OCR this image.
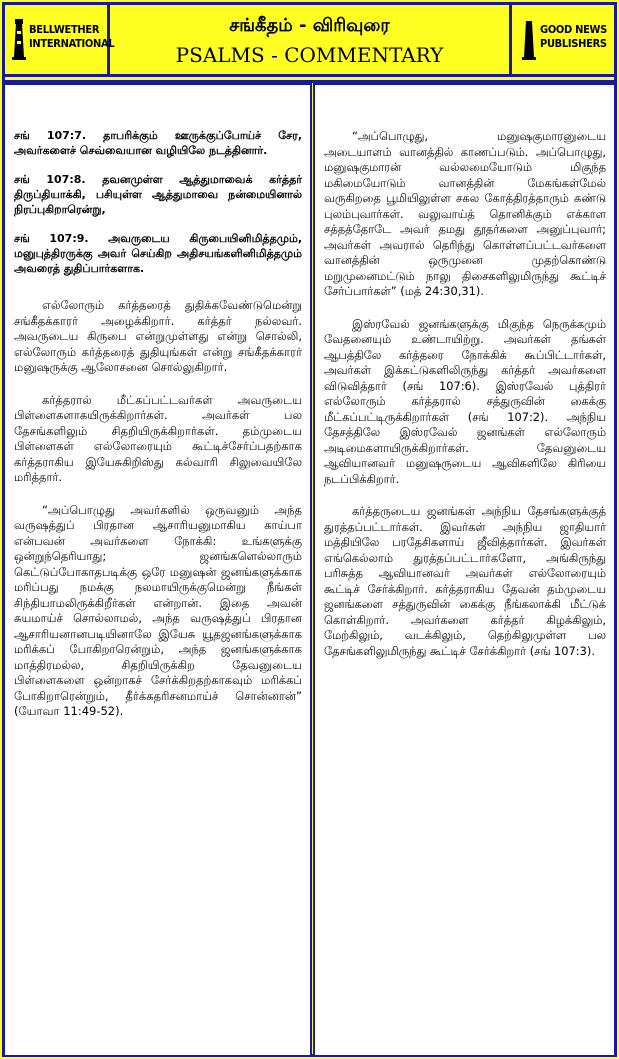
BELLWETHER INTERNATIONAL
சங்கீதம் - விரிவுரை
PSALMS - COMMENTARY
GOOD NEWS PUBLISHERS

சங் 107:7. தாபரிக்கும் ஊருக்குப்போய்ச் சேர, அவர்களைச் செவ்வையான வழியிலே நடத்தினார்.

சங் 107:8. தவனமுள்ள ஆத்துமாவைக் கர்த்தர் திருப்தியாக்கி, பசியுள்ள ஆத்துமாவை நன்மையினால் நிரப்புகிறாரென்று,

சங் 107:9. அவருடைய கிருபையினிமித்தமும், மனுபுத்திரருக்கு அவர் செய்கிற அதிசயங்களினிமித்தமும் அவரைத் துதிப்பார்களாக.

எல்லோரும் கர்த்தரைத் துதிக்கவேண்டுமென்று சங்கீதக்காரர் அழைக்கிறார். கர்த்தர் நல்லவர். அவருடைய கிருபை என்றுமுள்ளது என்று சொல்லி, எல்லோரும் கர்த்தரைத் துதியுங்கள் என்று சங்கீதக்காரர் மனுஷருக்கு ஆலோசனை சொல்லுகிறார்.

கர்த்தரால் மீட்கப்பட்டவர்கள் அவருடைய பிள்ளைகளாகயிருக்கிறார்கள். அவர்கள் பல தேசங்களிலும் சிதறியிருக்கிறார்கள். தம்முடைய பிள்ளைகள் எல்லோரையும் கூட்டிச்சேர்ப்பதற்காக கர்த்தராகிய இயேசுகிறிஸ்து கல்வாரி சிலுவையிலே மரித்தார்.

“அப்பொழுது அவர்களில் ஒருவனும் அந்த வருஷத்துப் பிரதான ஆசாரியனுமாகிய காய்பா என்பவன் அவர்களை நோக்கி: உங்களுக்கு ஒன்றுந்தெரியாது; ஜனங்களெல்லாரும் கெட்டுப்போகாதபடிக்கு ஒரே மனுஷன் ஜனங்களுக்காக மரிப்பது நமக்கு நலமாயிருக்குமென்று நீங்கள் சிந்தியாமலிருக்கிறீர்கள் என்றான். இதை அவன் சுயமாய்ச் சொல்லாமல், அந்த வருஷத்துப் பிரதான ஆசாரியனானபடியினாலே இயேசு யூதஜனங்களுக்காக மரிக்கப் போகிறாரென்றும், அந்த ஜனங்களுக்காக மாத்திரமல்ல, சிதறியிருக்கிற தேவனுடைய பிள்ளைகளை ஒன்றாகச் சேர்க்கிறதற்காகவும் மரிக்கப் போகிறாரென்றும், தீர்க்கதரிசனமாய்ச் சொன்னான்” (யோவா 11:49-52).

“அப்பொழுது, மனுஷகுமாரனுடைய அடையாளம் வானத்தில் காணப்படும். அப்பொழுது, மனுஷகுமாரன் வல்லமையோடும் மிகுந்த மகிமையோடும் வானத்தின் மேகங்கள்மேல் வருகிறதை பூமியிலுள்ள சகல கோத்திரத்தாரும் கண்டு புலம்புவார்கள். வலுவாய்த் தொனிக்கும் எக்காள சத்தத்தோடே அவர் தமது தூதர்களை அனுப்புவார்; அவர்கள் அவரால் தெரிந்து கொள்ளப்பட்டவர்களை வானத்தின் ஒருமுனை முதற்கொண்டு மறுமுனைமட்டும் நாலு திசைகளிலுமிருந்து கூட்டிச் சேர்ப்பார்கள்” (மத் 24:30,31).

இஸ்ரவேல் ஜனங்களுக்கு மிகுந்த நெருக்கமும் வேதனையும் உண்டாயிற்று. அவர்கள் தங்கள் ஆபத்திலே கர்த்தரை நோக்கிக் கூப்பிட்டார்கள், அவர்கள் இக்கட்டுகளிலிருந்து கர்த்தர் அவர்களை விடுவித்தார் (சங் 107:6). இஸ்ரவேல் புத்திரர் எல்லோரும் கர்த்தரால் சத்துருவின் கைக்கு மீட்கப்பட்டிருக்கிறார்கள் (சங் 107:2). அந்நிய தேசத்திலே இஸ்ரவேல் ஜனங்கள் எல்லோரும் அடிமைகளாயிருக்கிறார்கள். தேவனுடைய ஆவியானவர் மனுஷருடைய ஆவிகளிலே கிரியை நடப்பிக்கிறார்.

கர்த்தருடைய ஜனங்கள் அந்நிய தேசங்களுக்குத் துரத்தப்பட்டார்கள். இவர்கள் அந்நிய ஜாதியார் மத்தியிலே பரதேசிகளாய் ஜீவித்தார்கள். இவர்கள் எங்கெல்லாம் துரத்தப்பட்டார்களோ, அங்கிருந்து பரிசுத்த ஆவியானவர் அவர்கள் எல்லோரையும் கூட்டிச் சேர்க்கிறார். கர்த்தராகிய தேவன் தம்முடைய ஜனங்களை சத்துருவின் கைக்கு நீங்கலாக்கி மீட்டுக் கொள்கிறார். அவர்களை கர்த்தர் கிழக்கிலும், மேற்கிலும், வடக்கிலும், தெற்கிலுமுள்ள பல தேசங்களிலுமிருந்து கூட்டிச் சேர்க்கிறார் (சங் 107:3).
